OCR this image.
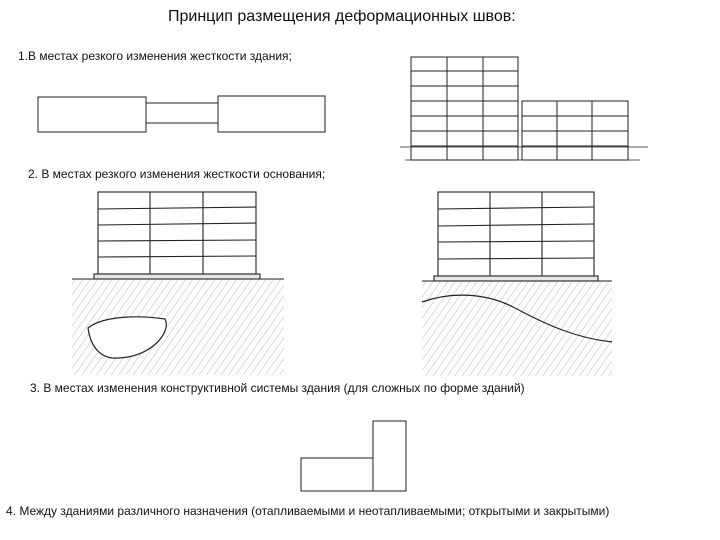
Принцип размещения деформационных швов:
1.В местах резкого изменения жесткости здания;
2. В местах резкого изменения жесткости основания;
3. В местах изменения конструктивной системы здания (для сложных по форме зданий)
4. Между зданиями различного назначения (отапливаемыми и неотапливаемыми; открытыми и закрытыми)
